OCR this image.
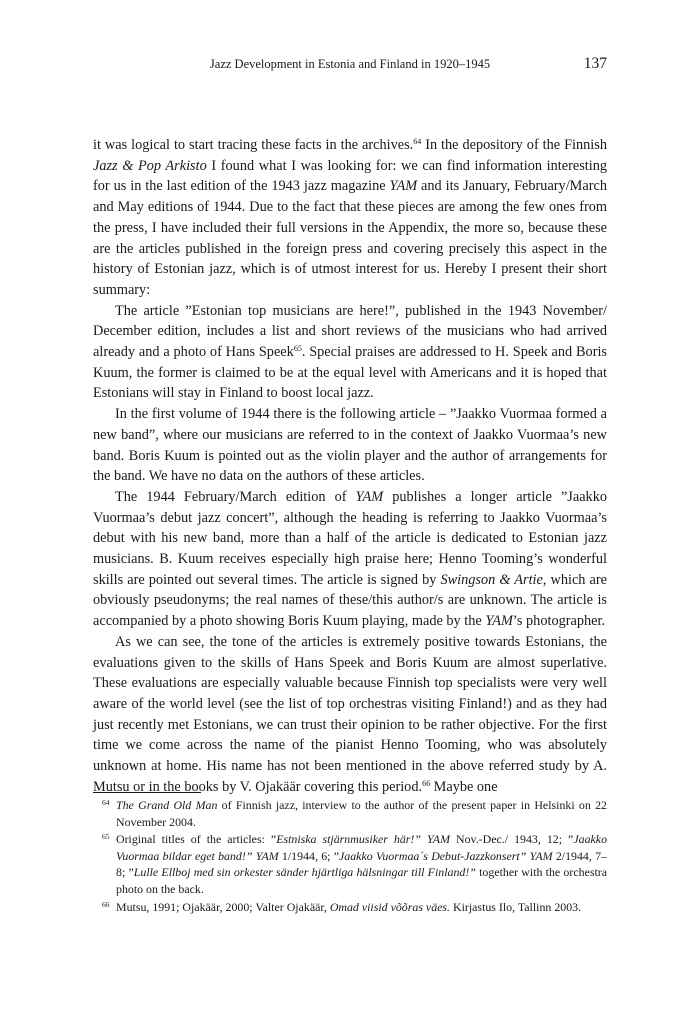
Jazz Development in Estonia and Finland in 1920–1945	137

it was logical to start tracing these facts in the archives.$^{64}$ In the depository of the Finnish Jazz & Pop Arkisto I found what I was looking for: we can find information interesting for us in the last edition of the 1943 jazz magazine YAM and its January, February/March and May editions of 1944. Due to the fact that these pieces are among the few ones from the press, I have included their full versions in the Appendix, the more so, because these are the articles published in the foreign press and covering precisely this aspect in the history of Estonian jazz, which is of utmost interest for us. Hereby I present their short summary:

The article ”Estonian top musicians are here!”, published in the 1943 November/ December edition, includes a list and short reviews of the musicians who had arrived already and a photo of Hans Speek$^{65}$. Special praises are addressed to H. Speek and Boris Kuum, the former is claimed to be at the equal level with Americans and it is hoped that Estonians will stay in Finland to boost local jazz.

In the first volume of 1944 there is the following article – ”Jaakko Vuormaa formed a new band”, where our musicians are referred to in the context of Jaakko Vuormaa’s new band. Boris Kuum is pointed out as the violin player and the author of arrangements for the band. We have no data on the authors of these articles.

The 1944 February/March edition of YAM publishes a longer article ”Jaakko Vuormaa’s debut jazz concert”, although the heading is referring to Jaakko Vuormaa’s debut with his new band, more than a half of the article is dedicated to Estonian jazz musicians. B. Kuum receives especially high praise here; Henno Tooming’s wonderful skills are pointed out several times. The article is signed by Swingson & Artie, which are obviously pseudonyms; the real names of these/this author/s are unknown. The article is accompanied by a photo showing Boris Kuum playing, made by the YAM’s photographer.

As we can see, the tone of the articles is extremely positive towards Estonians, the evaluations given to the skills of Hans Speek and Boris Kuum are almost superlative. These evaluations are especially valuable because Finnish top specialists were very well aware of the world level (see the list of top orchestras visiting Finland!) and as they had just recently met Estonians, we can trust their opinion to be rather objective. For the first time we come across the name of the pianist Henno Tooming, who was absolutely unknown at home. His name has not been mentioned in the above referred study by A. Mutsu or in the books by V. Ojakäär covering this period.$^{66}$ Maybe one

64 The Grand Old Man of Finnish jazz, interview to the author of the present paper in Helsinki on 22 November 2004.
65 Original titles of the articles: ”Estniska stjärnmusiker här!” YAM Nov.-Dec./ 1943, 12; ”Jaakko Vuormaa bildar eget band!” YAM 1/1944, 6; ”Jaakko Vuormaa´s Debut-Jazzkonsert” YAM 2/1944, 7–8; ”Lulle Ellboj med sin orkester sänder hjärtliga hälsningar till Finland!” together with the orchestra photo on the back.
66 Mutsu, 1991; Ojakäär, 2000; Valter Ojakäär, Omad viisid võõras väes. Kirjastus Ilo, Tallinn 2003.
